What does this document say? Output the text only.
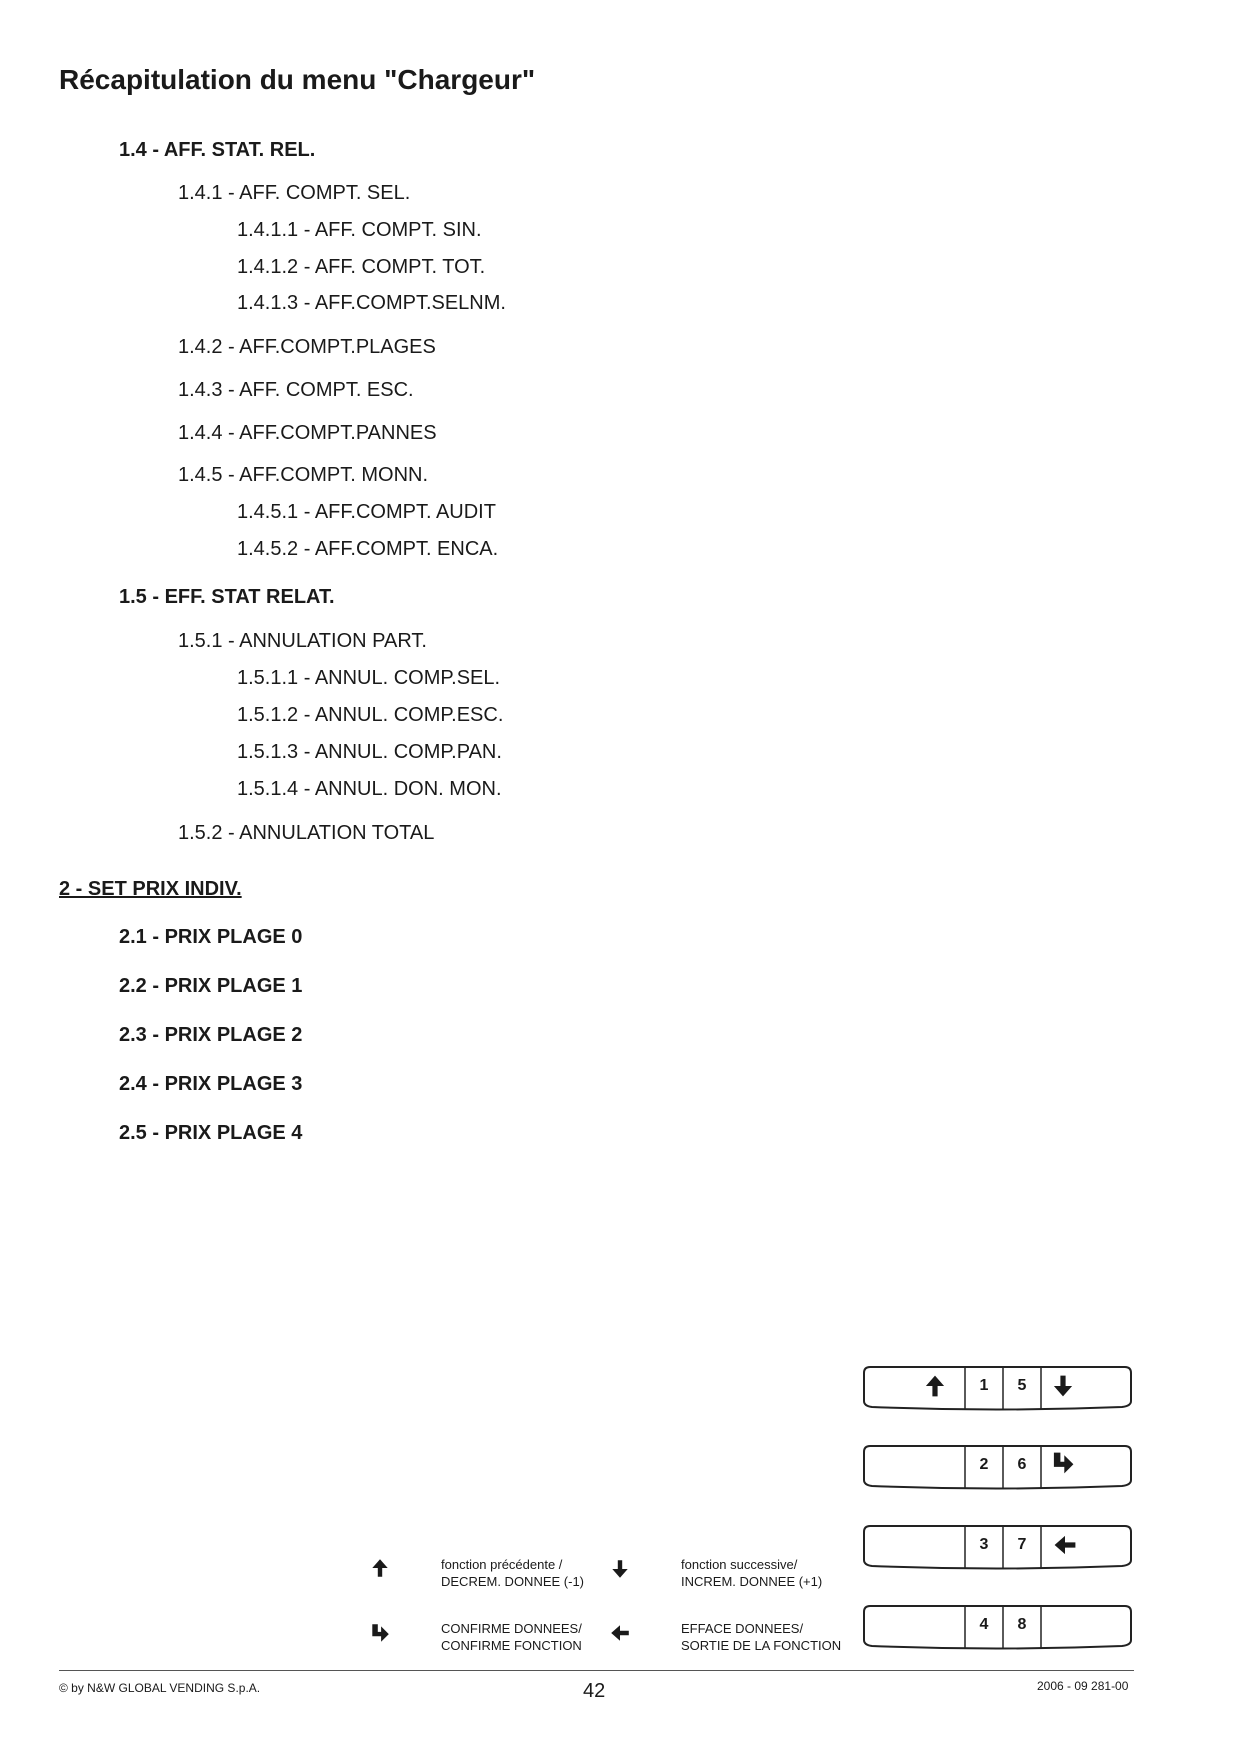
Récapitulation du menu "Chargeur"
1.4 - AFF. STAT. REL.
1.4.1 - AFF. COMPT. SEL.
1.4.1.1 - AFF. COMPT. SIN.
1.4.1.2 - AFF. COMPT. TOT.
1.4.1.3 - AFF.COMPT.SELNM.
1.4.2 - AFF.COMPT.PLAGES
1.4.3 - AFF. COMPT. ESC.
1.4.4 - AFF.COMPT.PANNES
1.4.5 - AFF.COMPT. MONN.
1.4.5.1 - AFF.COMPT. AUDIT
1.4.5.2 - AFF.COMPT. ENCA.
1.5 - EFF. STAT RELAT.
1.5.1 - ANNULATION PART.
1.5.1.1 - ANNUL. COMP.SEL.
1.5.1.2 - ANNUL. COMP.ESC.
1.5.1.3 - ANNUL. COMP.PAN.
1.5.1.4 - ANNUL. DON. MON.
1.5.2 - ANNULATION TOTAL
2 - SET PRIX INDIV.
2.1 - PRIX PLAGE 0
2.2 - PRIX PLAGE 1
2.3 - PRIX PLAGE 2
2.4 - PRIX PLAGE 3
2.5 - PRIX PLAGE 4
1	5
2	6
3	7
4	8
fonction précédente /
DECREM. DONNEE (-1)
fonction successive/
INCREM. DONNEE (+1)
CONFIRME DONNEES/
CONFIRME FONCTION
EFFACE DONNEES/
SORTIE DE LA FONCTION
© by N&W GLOBAL VENDING S.p.A.	42	2006 - 09 281-00
